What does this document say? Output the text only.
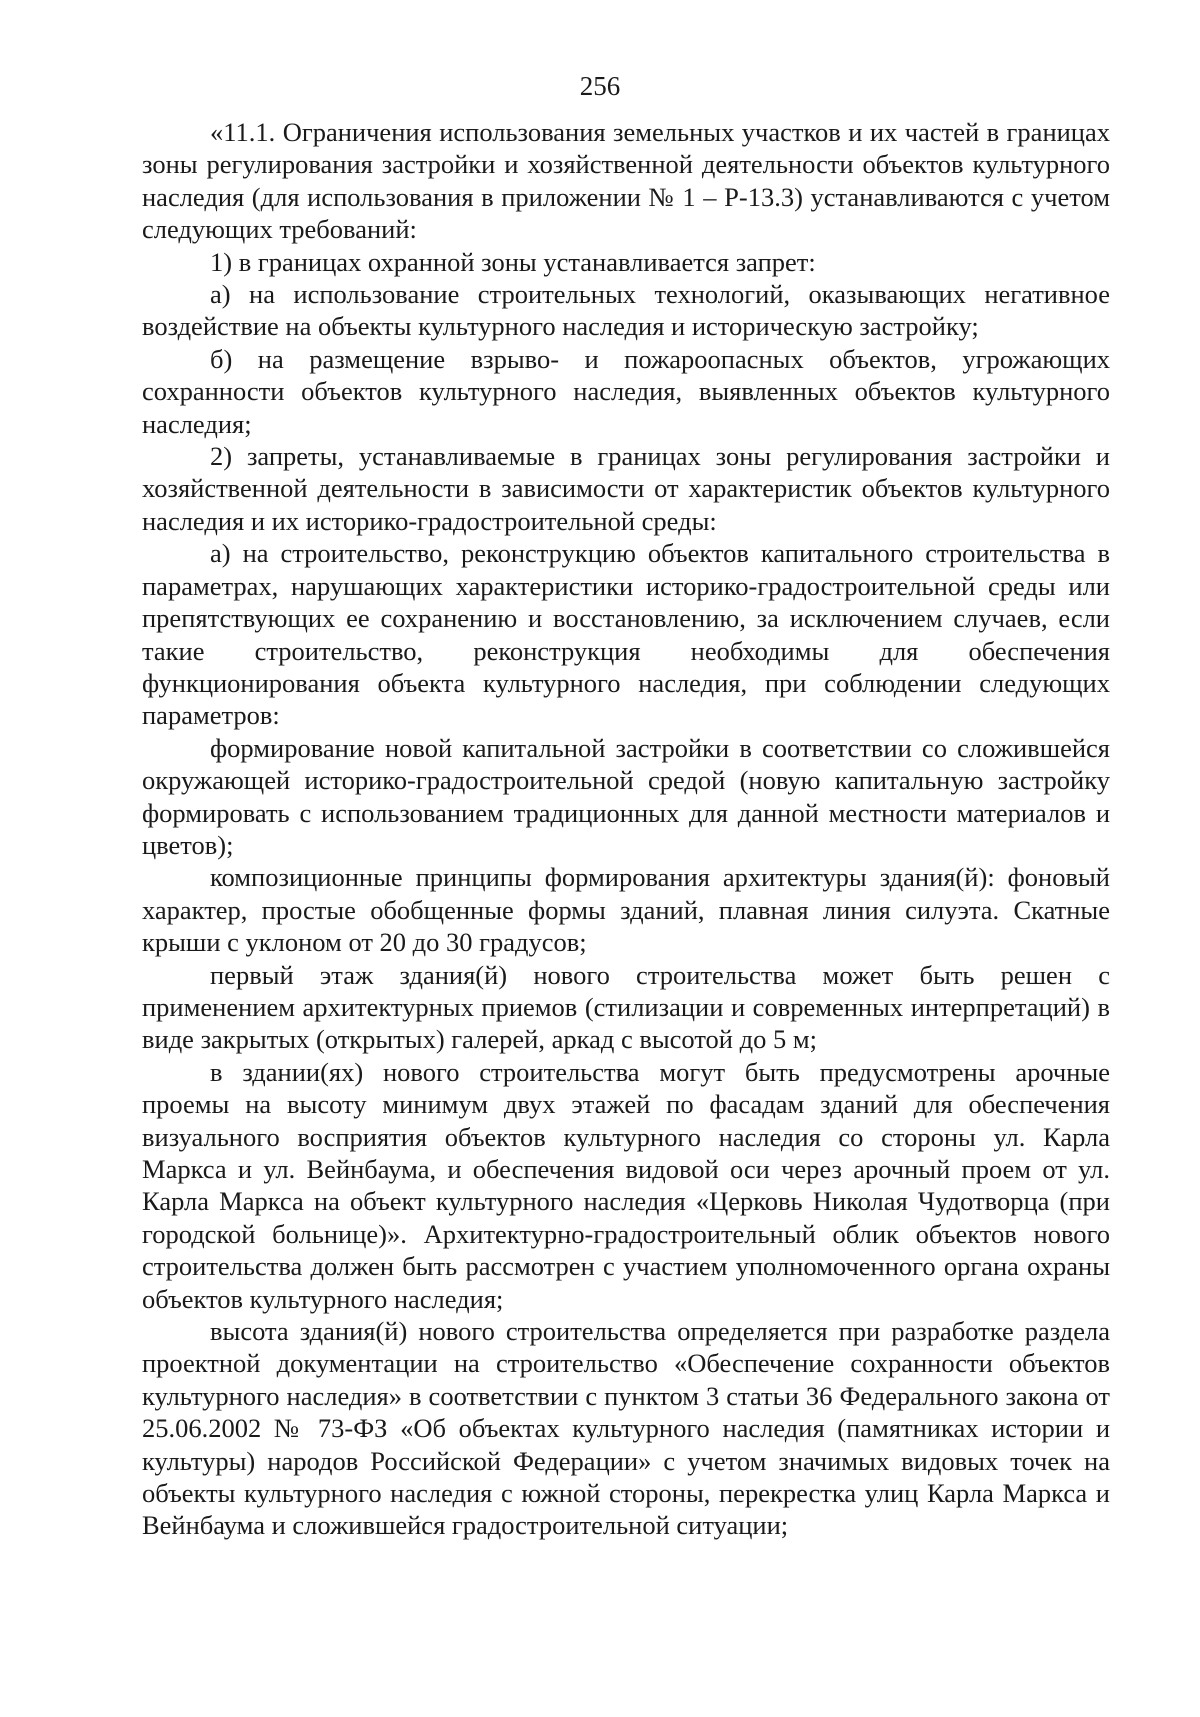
256

«11.1. Ограничения использования земельных участков и их частей в границах зоны регулирования застройки и хозяйственной деятельности объектов культурного наследия (для использования в приложении № 1 – Р-13.3) устанавливаются с учетом следующих требований:

1) в границах охранной зоны устанавливается запрет:

а) на использование строительных технологий, оказывающих негативное воздействие на объекты культурного наследия и историческую застройку;

б) на размещение взрыво- и пожароопасных объектов, угрожающих сохранности объектов культурного наследия, выявленных объектов культурного наследия;

2) запреты, устанавливаемые в границах зоны регулирования застройки и хозяйственной деятельности в зависимости от характеристик объектов культурного наследия и их историко-градостроительной среды:

а) на строительство, реконструкцию объектов капитального строительства в параметрах, нарушающих характеристики историко-градостроительной среды или препятствующих ее сохранению и восстановлению, за исключением случаев, если такие строительство, реконструкция необходимы для обеспечения функционирования объекта культурного наследия, при соблюдении следующих параметров:

формирование новой капитальной застройки в соответствии со сложившейся окружающей историко-градостроительной средой (новую капитальную застройку формировать с использованием традиционных для данной местности материалов и цветов);

композиционные принципы формирования архитектуры здания(й): фоновый характер, простые обобщенные формы зданий, плавная линия силуэта. Скатные крыши с уклоном от 20 до 30 градусов;

первый этаж здания(й) нового строительства может быть решен с применением архитектурных приемов (стилизации и современных интерпретаций) в виде закрытых (открытых) галерей, аркад с высотой до 5 м;

в здании(ях) нового строительства могут быть предусмотрены арочные проемы на высоту минимум двух этажей по фасадам зданий для обеспечения визуального восприятия объектов культурного наследия со стороны ул. Карла Маркса и ул. Вейнбаума, и обеспечения видовой оси через арочный проем от ул. Карла Маркса на объект культурного наследия «Церковь Николая Чудотворца (при городской больнице)». Архитектурно-градостроительный облик объектов нового строительства должен быть рассмотрен с участием уполномоченного органа охраны объектов культурного наследия;

высота здания(й) нового строительства определяется при разработке раздела проектной документации на строительство «Обеспечение сохранности объектов культурного наследия» в соответствии с пунктом 3 статьи 36 Федерального закона от 25.06.2002 № 73-ФЗ «Об объектах культурного наследия (памятниках истории и культуры) народов Российской Федерации» с учетом значимых видовых точек на объекты культурного наследия с южной стороны, перекрестка улиц Карла Маркса и Вейнбаума и сложившейся градостроительной ситуации;
